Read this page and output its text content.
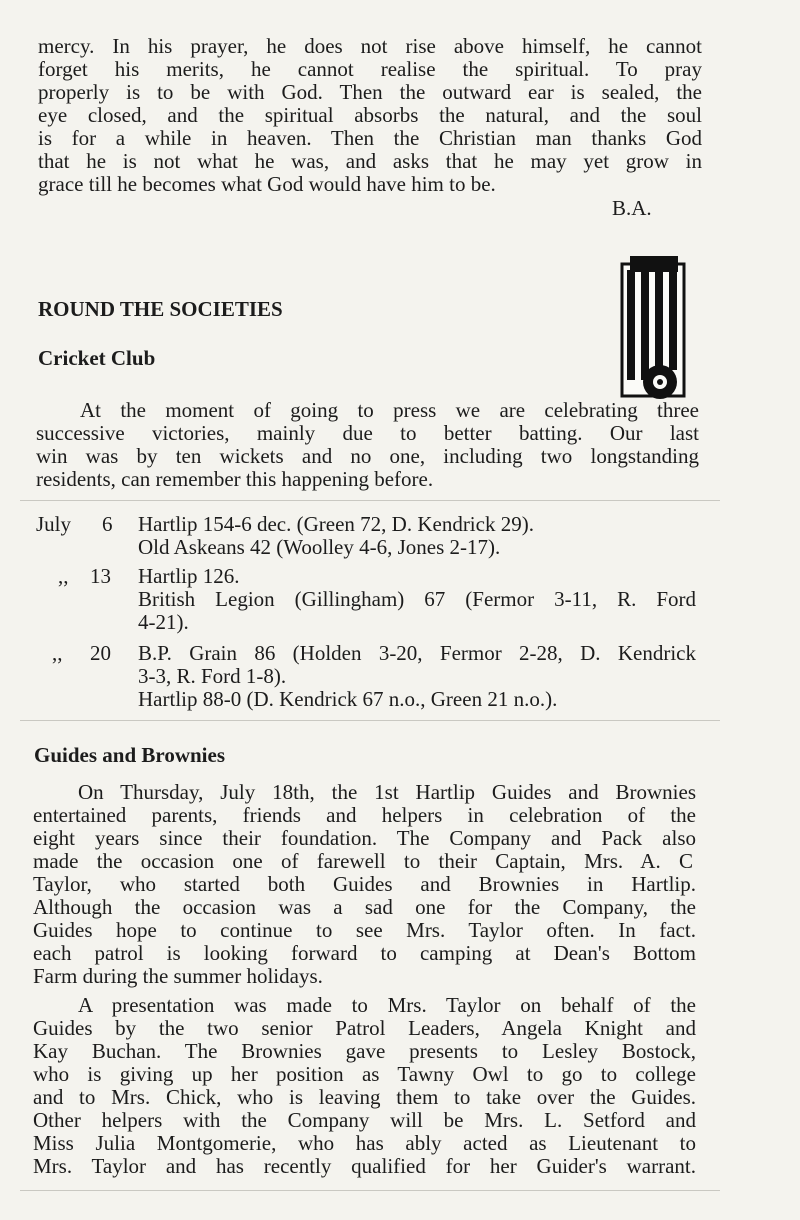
mercy. In his prayer, he does not rise above himself, he cannot
forget his merits, he cannot realise the spiritual. To pray
properly is to be with God. Then the outward ear is sealed, the
eye closed, and the spiritual absorbs the natural, and the soul
is for a while in heaven. Then the Christian man thanks God
that he is not what he was, and asks that he may yet grow in
grace till he becomes what God would have him to be.
B.A.
ROUND THE SOCIETIES
Cricket Club
At the moment of going to press we are celebrating three
successive victories, mainly due to better batting. Our last
win was by ten wickets and no one, including two longstanding
residents, can remember this happening before.
July 6 Hartlip 154-6 dec. (Green 72, D. Kendrick 29).
Old Askeans 42 (Woolley 4-6, Jones 2-17).
,, 13 Hartlip 126.
British Legion (Gillingham) 67 (Fermor 3-11, R. Ford
4-21).
,, 20 B.P. Grain 86 (Holden 3-20, Fermor 2-28, D. Kendrick
3-3, R. Ford 1-8).
Hartlip 88-0 (D. Kendrick 67 n.o., Green 21 n.o.).
Guides and Brownies
On Thursday, July 18th, the 1st Hartlip Guides and Brownies
entertained parents, friends and helpers in celebration of the
eight years since their foundation. The Company and Pack also
made the occasion one of farewell to their Captain, Mrs. A. C
Taylor, who started both Guides and Brownies in Hartlip.
Although the occasion was a sad one for the Company, the
Guides hope to continue to see Mrs. Taylor often. In fact.
each patrol is looking forward to camping at Dean's Bottom
Farm during the summer holidays.
A presentation was made to Mrs. Taylor on behalf of the
Guides by the two senior Patrol Leaders, Angela Knight and
Kay Buchan. The Brownies gave presents to Lesley Bostock,
who is giving up her position as Tawny Owl to go to college
and to Mrs. Chick, who is leaving them to take over the Guides.
Other helpers with the Company will be Mrs. L. Setford and
Miss Julia Montgomerie, who has ably acted as Lieutenant to
Mrs. Taylor and has recently qualified for her Guider's warrant.
